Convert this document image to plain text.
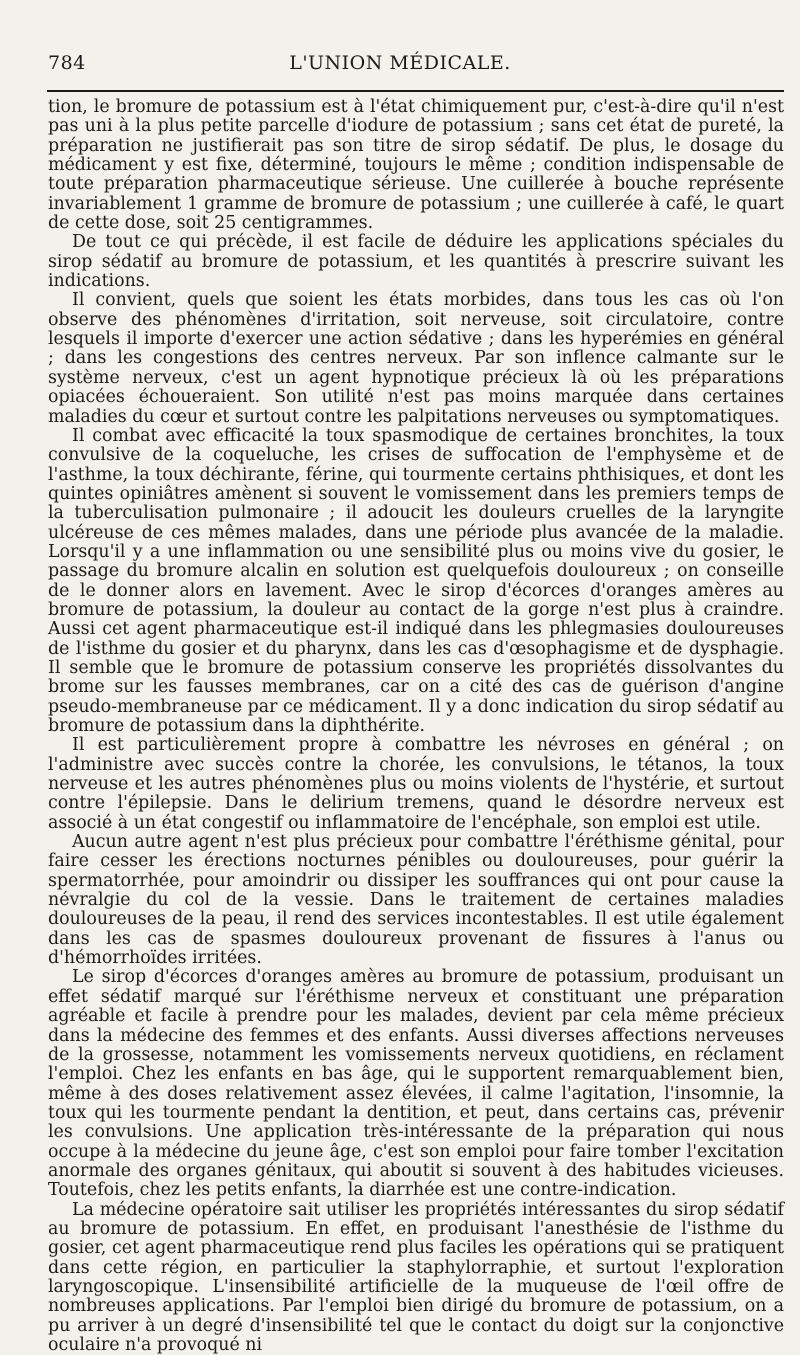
784	L'UNION MÉDICALE.

tion, le bromure de potassium est à l'état chimiquement pur, c'est-à-dire qu'il n'est pas uni à la plus petite parcelle d'iodure de potassium ; sans cet état de pureté, la préparation ne justifierait pas son titre de sirop sédatif. De plus, le dosage du médicament y est fixe, déterminé, toujours le même ; condition indispensable de toute préparation pharmaceutique sérieuse. Une cuillerée à bouche représente invariablement 1 gramme de bromure de potassium ; une cuillerée à café, le quart de cette dose, soit 25 centigrammes.

De tout ce qui précède, il est facile de déduire les applications spéciales du sirop sédatif au bromure de potassium, et les quantités à prescrire suivant les indications.

Il convient, quels que soient les états morbides, dans tous les cas où l'on observe des phénomènes d'irritation, soit nerveuse, soit circulatoire, contre lesquels il importe d'exercer une action sédative ; dans les hyperémies en général ; dans les congestions des centres nerveux. Par son inflence calmante sur le système nerveux, c'est un agent hypnotique précieux là où les préparations opiacées échoueraient. Son utilité n'est pas moins marquée dans certaines maladies du cœur et surtout contre les palpitations nerveuses ou symptomatiques.

Il combat avec efficacité la toux spasmodique de certaines bronchites, la toux convulsive de la coqueluche, les crises de suffocation de l'emphysème et de l'asthme, la toux déchirante, férine, qui tourmente certains phthisiques, et dont les quintes opiniâtres amènent si souvent le vomissement dans les premiers temps de la tuberculisation pulmonaire ; il adoucit les douleurs cruelles de la laryngite ulcéreuse de ces mêmes malades, dans une période plus avancée de la maladie. Lorsqu'il y a une inflammation ou une sensibilité plus ou moins vive du gosier, le passage du bromure alcalin en solution est quelquefois douloureux ; on conseille de le donner alors en lavement. Avec le sirop d'écorces d'oranges amères au bromure de potassium, la douleur au contact de la gorge n'est plus à craindre. Aussi cet agent pharmaceutique est-il indiqué dans les phlegmasies douloureuses de l'isthme du gosier et du pharynx, dans les cas d'œsophagisme et de dysphagie. Il semble que le bromure de potassium conserve les propriétés dissolvantes du brome sur les fausses membranes, car on a cité des cas de guérison d'angine pseudo-membraneuse par ce médicament. Il y a donc indication du sirop sédatif au bromure de potassium dans la diphthérite.

Il est particulièrement propre à combattre les névroses en général ; on l'administre avec succès contre la chorée, les convulsions, le tétanos, la toux nerveuse et les autres phénomènes plus ou moins violents de l'hystérie, et surtout contre l'épilepsie. Dans le delirium tremens, quand le désordre nerveux est associé à un état congestif ou inflammatoire de l'encéphale, son emploi est utile.

Aucun autre agent n'est plus précieux pour combattre l'éréthisme génital, pour faire cesser les érections nocturnes pénibles ou douloureuses, pour guérir la spermatorrhée, pour amoindrir ou dissiper les souffrances qui ont pour cause la névralgie du col de la vessie. Dans le traitement de certaines maladies douloureuses de la peau, il rend des services incontestables. Il est utile également dans les cas de spasmes douloureux provenant de fissures à l'anus ou d'hémorrhoïdes irritées.

Le sirop d'écorces d'oranges amères au bromure de potassium, produisant un effet sédatif marqué sur l'éréthisme nerveux et constituant une préparation agréable et facile à prendre pour les malades, devient par cela même précieux dans la médecine des femmes et des enfants. Aussi diverses affections nerveuses de la grossesse, notamment les vomissements nerveux quotidiens, en réclament l'emploi. Chez les enfants en bas âge, qui le supportent remarquablement bien, même à des doses relativement assez élevées, il calme l'agitation, l'insomnie, la toux qui les tourmente pendant la dentition, et peut, dans certains cas, prévenir les convulsions. Une application très-intéressante de la préparation qui nous occupe à la médecine du jeune âge, c'est son emploi pour faire tomber l'excitation anormale des organes génitaux, qui aboutit si souvent à des habitudes vicieuses. Toutefois, chez les petits enfants, la diarrhée est une contre-indication.

La médecine opératoire sait utiliser les propriétés intéressantes du sirop sédatif au bromure de potassium. En effet, en produisant l'anesthésie de l'isthme du gosier, cet agent pharmaceutique rend plus faciles les opérations qui se pratiquent dans cette région, en particulier la staphylorraphie, et surtout l'exploration laryngoscopique. L'insensibilité artificielle de la muqueuse de l'œil offre de nombreuses applications. Par l'emploi bien dirigé du bromure de potassium, on a pu arriver à un degré d'insensibilité tel que le contact du doigt sur la conjonctive oculaire n'a provoqué ni
